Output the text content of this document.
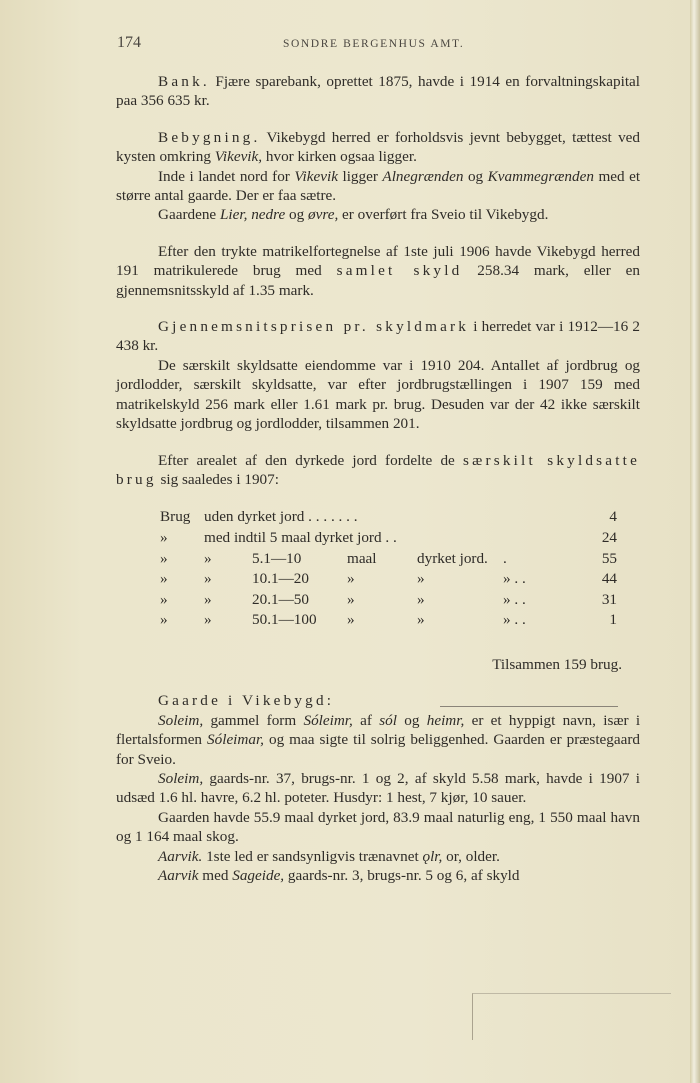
174	SONDRE BERGENHUS AMT.

Bank. Fjære sparebank, oprettet 1875, havde i 1914 en forvaltningskapital paa 356 635 kr.

Bebygning. Vikebygd herred er forholdsvis jevnt bebygget, tættest ved kysten omkring Vikevik, hvor kirken ogsaa ligger.

Inde i landet nord for Vikevik ligger Alnegrænden og Kvammegrænden med et større antal gaarde. Der er faa sætre.

Gaardene Lier, nedre og øvre, er overført fra Sveio til Vikebygd.

Efter den trykte matrikelfortegnelse af 1ste juli 1906 havde Vikebygd herred 191 matrikulerede brug med samlet skyld 258.34 mark, eller en gjennemsnitsskyld af 1.35 mark.

Gjennemsnitsprisen pr. skyldmark i herredet var i 1912—16 2 438 kr.

De særskilt skyldsatte eiendomme var i 1910 204. Antallet af jordbrug og jordlodder, særskilt skyldsatte, var efter jordbrugstællingen i 1907 159 med matrikelskyld 256 mark eller 1.61 mark pr. brug. Desuden var der 42 ikke særskilt skyldsatte jordbrug og jordlodder, tilsammen 201.

Efter arealet af den dyrkede jord fordelte de særskilt skyldsatte brug sig saaledes i 1907:

Brug	uden dyrket jord . . . . . . .					4
»	med indtil 5 maal dyrket jord . .					24
»	»	5.1—10	maal	dyrket jord.	.	55
»	»	10.1—20	»	»	» . .	44
»	»	20.1—50	»	»	» . .	31
»	»	50.1—100	»	»	» . .	1
Tilsammen 159 brug.

Gaarde i Vikebygd:

Soleim, gammel form Sóleimr, af sól og heimr, er et hyppigt navn, især i flertalsformen Sóleimar, og maa sigte til solrig beliggenhed. Gaarden er præstegaard for Sveio.

Soleim, gaards-nr. 37, brugs-nr. 1 og 2, af skyld 5.58 mark, havde i 1907 i udsæd 1.6 hl. havre, 6.2 hl. poteter. Husdyr: 1 hest, 7 kjør, 10 sauer.

Gaarden havde 55.9 maal dyrket jord, 83.9 maal naturlig eng, 1 550 maal havn og 1 164 maal skog.

Aarvik. 1ste led er sandsynligvis trænavnet ǫlr, or, older.

Aarvik med Sageide, gaards-nr. 3, brugs-nr. 5 og 6, af skyld
